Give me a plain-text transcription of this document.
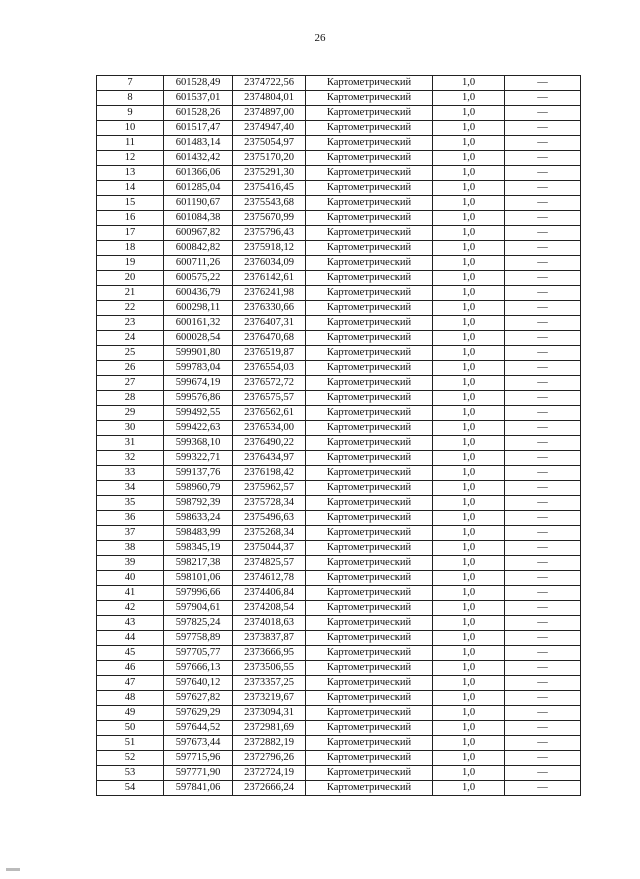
26
7	601528,49	2374722,56	Картометрический	1,0	—
8	601537,01	2374804,01	Картометрический	1,0	—
9	601528,26	2374897,00	Картометрический	1,0	—
10	601517,47	2374947,40	Картометрический	1,0	—
11	601483,14	2375054,97	Картометрический	1,0	—
12	601432,42	2375170,20	Картометрический	1,0	—
13	601366,06	2375291,30	Картометрический	1,0	—
14	601285,04	2375416,45	Картометрический	1,0	—
15	601190,67	2375543,68	Картометрический	1,0	—
16	601084,38	2375670,99	Картометрический	1,0	—
17	600967,82	2375796,43	Картометрический	1,0	—
18	600842,82	2375918,12	Картометрический	1,0	—
19	600711,26	2376034,09	Картометрический	1,0	—
20	600575,22	2376142,61	Картометрический	1,0	—
21	600436,79	2376241,98	Картометрический	1,0	—
22	600298,11	2376330,66	Картометрический	1,0	—
23	600161,32	2376407,31	Картометрический	1,0	—
24	600028,54	2376470,68	Картометрический	1,0	—
25	599901,80	2376519,87	Картометрический	1,0	—
26	599783,04	2376554,03	Картометрический	1,0	—
27	599674,19	2376572,72	Картометрический	1,0	—
28	599576,86	2376575,57	Картометрический	1,0	—
29	599492,55	2376562,61	Картометрический	1,0	—
30	599422,63	2376534,00	Картометрический	1,0	—
31	599368,10	2376490,22	Картометрический	1,0	—
32	599322,71	2376434,97	Картометрический	1,0	—
33	599137,76	2376198,42	Картометрический	1,0	—
34	598960,79	2375962,57	Картометрический	1,0	—
35	598792,39	2375728,34	Картометрический	1,0	—
36	598633,24	2375496,63	Картометрический	1,0	—
37	598483,99	2375268,34	Картометрический	1,0	—
38	598345,19	2375044,37	Картометрический	1,0	—
39	598217,38	2374825,57	Картометрический	1,0	—
40	598101,06	2374612,78	Картометрический	1,0	—
41	597996,66	2374406,84	Картометрический	1,0	—
42	597904,61	2374208,54	Картометрический	1,0	—
43	597825,24	2374018,63	Картометрический	1,0	—
44	597758,89	2373837,87	Картометрический	1,0	—
45	597705,77	2373666,95	Картометрический	1,0	—
46	597666,13	2373506,55	Картометрический	1,0	—
47	597640,12	2373357,25	Картометрический	1,0	—
48	597627,82	2373219,67	Картометрический	1,0	—
49	597629,29	2373094,31	Картометрический	1,0	—
50	597644,52	2372981,69	Картометрический	1,0	—
51	597673,44	2372882,19	Картометрический	1,0	—
52	597715,96	2372796,26	Картометрический	1,0	—
53	597771,90	2372724,19	Картометрический	1,0	—
54	597841,06	2372666,24	Картометрический	1,0	—
